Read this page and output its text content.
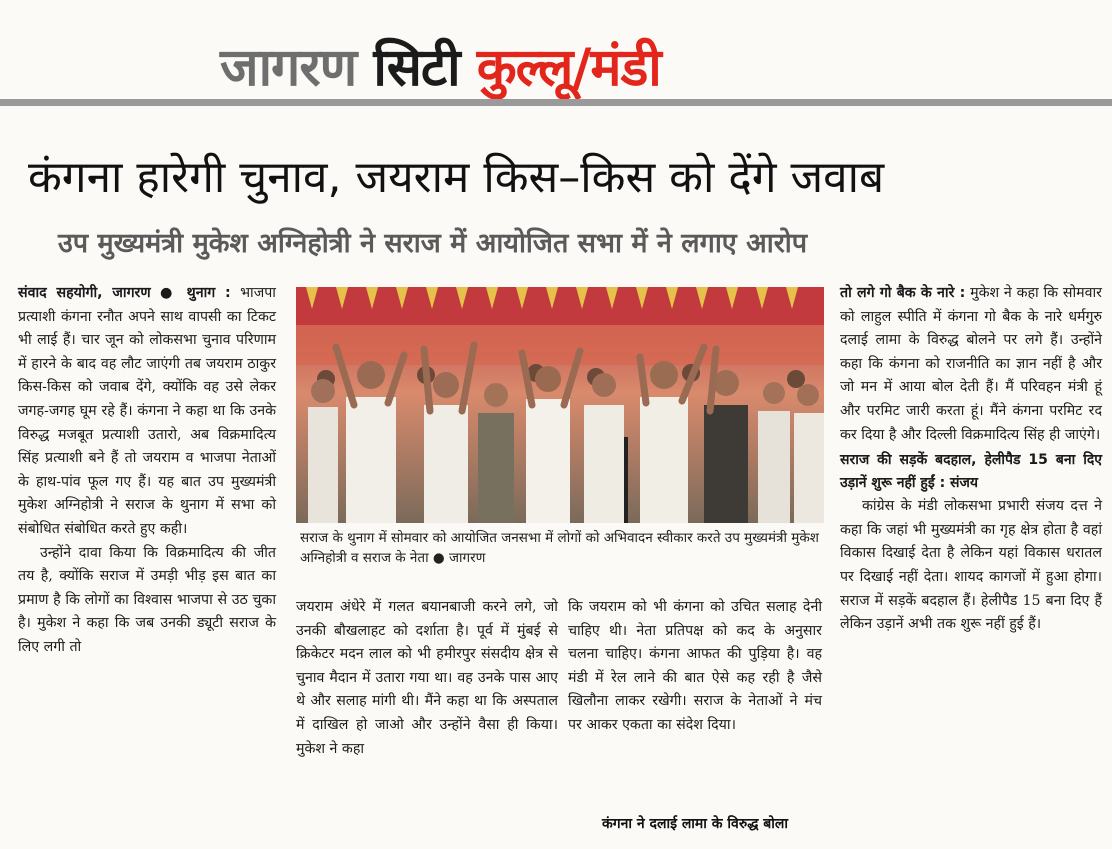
जागरण सिटी कुल्लू/मंडी
कंगना हारेगी चुनाव, जयराम किस–किस को देंगे जवाब
उप मुख्यमंत्री मुकेश अग्निहोत्री ने सराज में आयोजित सभा में ने लगाए आरोप

संवाद सहयोगी, जागरण ● थुनाग : भाजपा प्रत्याशी कंगना रनौत अपने साथ वापसी का टिकट भी लाई हैं। चार जून को लोकसभा चुनाव परिणाम में हारने के बाद वह लौट जाएंगी तब जयराम ठाकुर किस-किस को जवाब देंगे, क्योंकि वह उसे लेकर जगह-जगह घूम रहे हैं। कंगना ने कहा था कि उनके विरुद्ध मजबूत प्रत्याशी उतारो, अब विक्रमादित्य सिंह प्रत्याशी बने हैं तो जयराम व भाजपा नेताओं के हाथ-पांव फूल गए हैं। यह बात उप मुख्यमंत्री मुकेश अग्निहोत्री ने सराज के थुनाग में सभा को संबोधित संबोधित करते हुए कही।

उन्होंने दावा किया कि विक्रमादित्य की जीत तय है, क्योंकि सराज में उमड़ी भीड़ इस बात का प्रमाण है कि लोगों का विश्वास भाजपा से उठ चुका है। मुकेश ने कहा कि जब उनकी ड्यूटी सराज के लिए लगी तो

सराज के थुनाग में सोमवार को आयोजित जनसभा में लोगों को अभिवादन स्वीकार करते उप मुख्यमंत्री मुकेश अग्निहोत्री व सराज के नेता ● जागरण

जयराम अंधेरे में गलत बयानबाजी करने लगे, जो उनकी बौखलाहट को दर्शाता है। पूर्व में मुंबई से क्रिकेटर मदन लाल को भी हमीरपुर संसदीय क्षेत्र से चुनाव मैदान में उतारा गया था। वह उनके पास आए थे और सलाह मांगी थी। मैंने कहा था कि अस्पताल में दाखिल हो जाओ और उन्होंने वैसा ही किया। मुकेश ने कहा

कि जयराम को भी कंगना को उचित सलाह देनी चाहिए थी। नेता प्रतिपक्ष को कद के अनुसार चलना चाहिए। कंगना आफत की पुड़िया है। वह मंडी में रेल लाने की बात ऐसे कह रही है जैसे खिलौना लाकर रखेगी। सराज के नेताओं ने मंच पर आकर एकता का संदेश दिया।

कंगना ने दलाई लामा के विरुद्ध बोला

तो लगे गो बैक के नारे : मुकेश ने कहा कि सोमवार को लाहुल स्पीति में कंगना गो बैक के नारे धर्मगुरु दलाई लामा के विरुद्ध बोलने पर लगे हैं। उन्होंने कहा कि कंगना को राजनीति का ज्ञान नहीं है और जो मन में आया बोल देती हैं। मैं परिवहन मंत्री हूं और परमिट जारी करता हूं। मैंने कंगना परमिट रद कर दिया है और दिल्ली विक्रमादित्य सिंह ही जाएंगे।

सराज की सड़कें बदहाल, हेलीपैड 15 बना दिए उड़ानें शुरू नहीं हुईं : संजय

कांग्रेस के मंडी लोकसभा प्रभारी संजय दत्त ने कहा कि जहां भी मुख्यमंत्री का गृह क्षेत्र होता है वहां विकास दिखाई देता है लेकिन यहां विकास धरातल पर दिखाई नहीं देता। शायद कागजों में हुआ होगा। सराज में सड़कें बदहाल हैं। हेलीपैड 15 बना दिए हैं लेकिन उड़ानें अभी तक शुरू नहीं हुई हैं।
